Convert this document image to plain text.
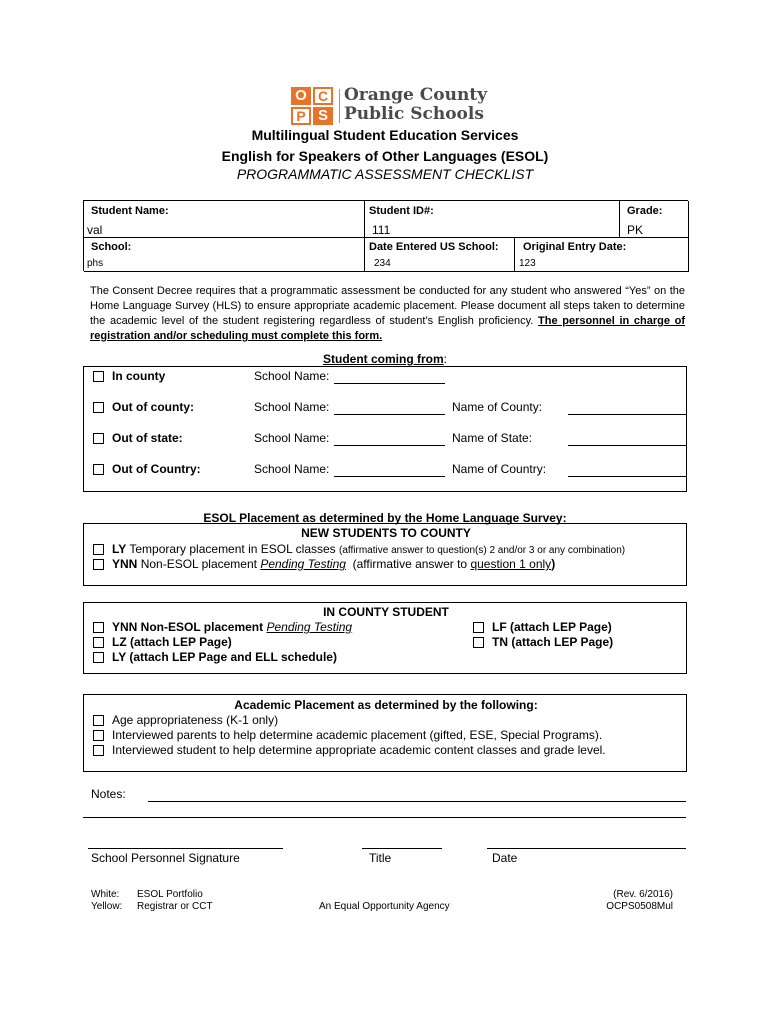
O C
P S
Orange County
Public Schools
Multilingual Student Education Services
English for Speakers of Other Languages (ESOL)
PROGRAMMATIC ASSESSMENT CHECKLIST
Student Name:
val
Student ID#:
111
Grade:
PK
School:
phs
Date Entered US School:
234
Original Entry Date:
123
The Consent Decree requires that a programmatic assessment be conducted for any student who answered “Yes” on the Home Language Survey (HLS) to ensure appropriate academic placement. Please document all steps taken to determine the academic level of the student registering regardless of student’s English proficiency. The personnel in charge of registration and/or scheduling must complete this form.
Student coming from:
In county	School Name:
Out of county:	School Name:	Name of County:
Out of state:	School Name:	Name of State:
Out of Country:	School Name:	Name of Country:
ESOL Placement as determined by the Home Language Survey:
NEW STUDENTS TO COUNTY
LY Temporary placement in ESOL classes (affirmative answer to question(s) 2 and/or 3 or any combination)
YNN Non-ESOL placement Pending Testing (affirmative answer to question 1 only)
IN COUNTY STUDENT
YNN Non-ESOL placement Pending Testing
LZ (attach LEP Page)
LY (attach LEP Page and ELL schedule)
LF (attach LEP Page)
TN (attach LEP Page)
Academic Placement as determined by the following:
Age appropriateness (K-1 only)
Interviewed parents to help determine academic placement (gifted, ESE, Special Programs).
Interviewed student to help determine appropriate academic content classes and grade level.
Notes:
School Personnel Signature	Title	Date
White: ESOL Portfolio
Yellow: Registrar or CCT	An Equal Opportunity Agency
(Rev. 6/2016)
OCPS0508Mul
